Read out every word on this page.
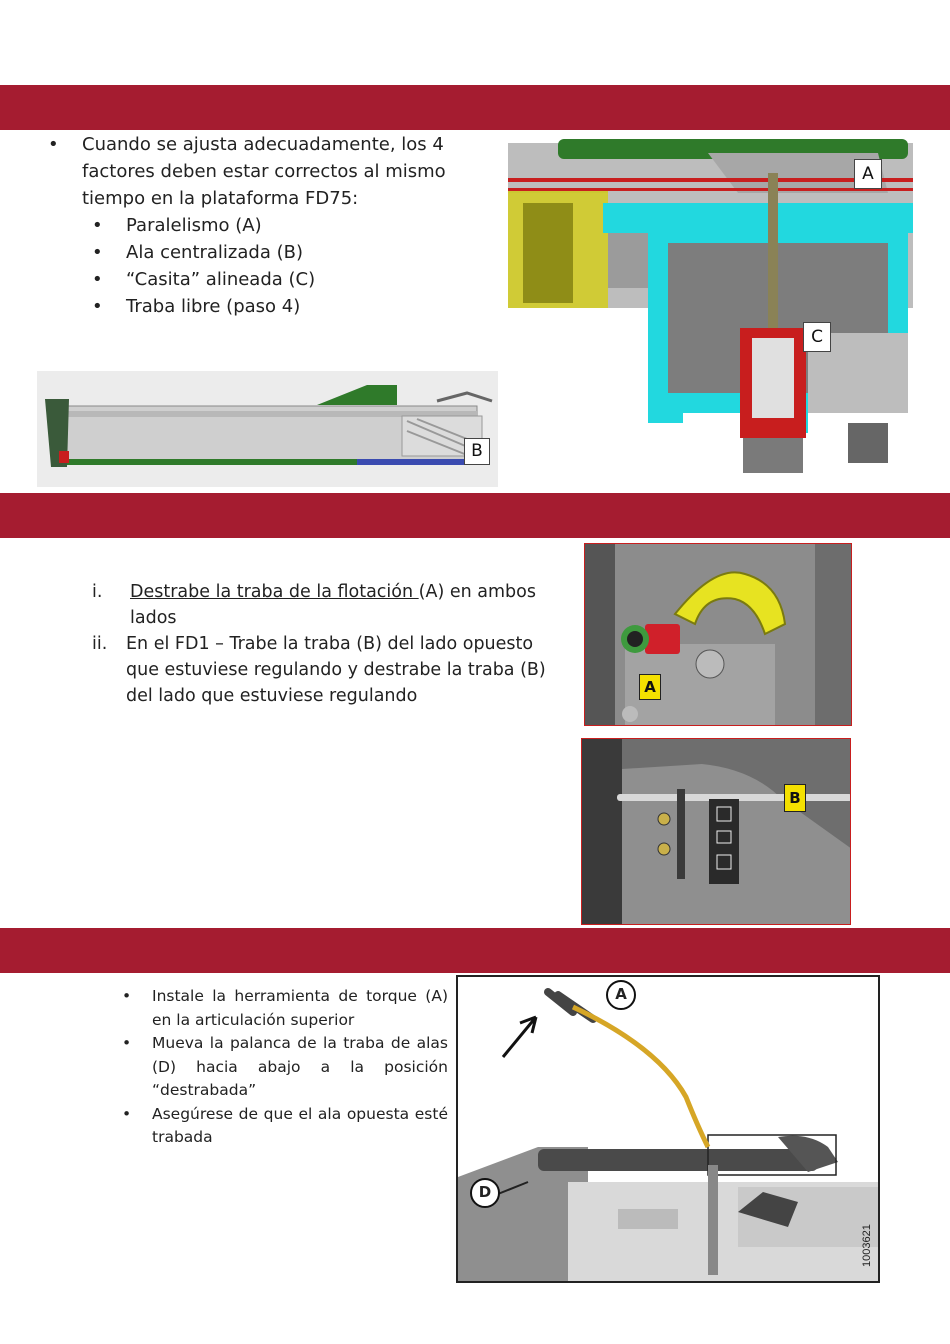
•	Cuando se ajusta adecuadamente, los 4 factores deben estar correctos al mismo tiempo en la plataforma FD75:
•	Paralelismo (A)
•	Ala centralizada (B)
•	“Casita” alineada (C)
•	Traba libre (paso 4)
B
A
C
i.	Destrabe la traba de la flotación (A) en ambos lados
ii.	En el FD1 – Trabe la traba (B) del lado opuesto que estuviese regulando y destrabe la traba (B) del lado que estuviese regulando	A
B
•	Instale la herramienta de torque (A) en la articulación superior
•	Mueva la palanca de la traba de alas (D) hacia abajo a la posición “destrabada”
•	Asegúrese de que el ala opuesta esté trabada
1003621
A
D
